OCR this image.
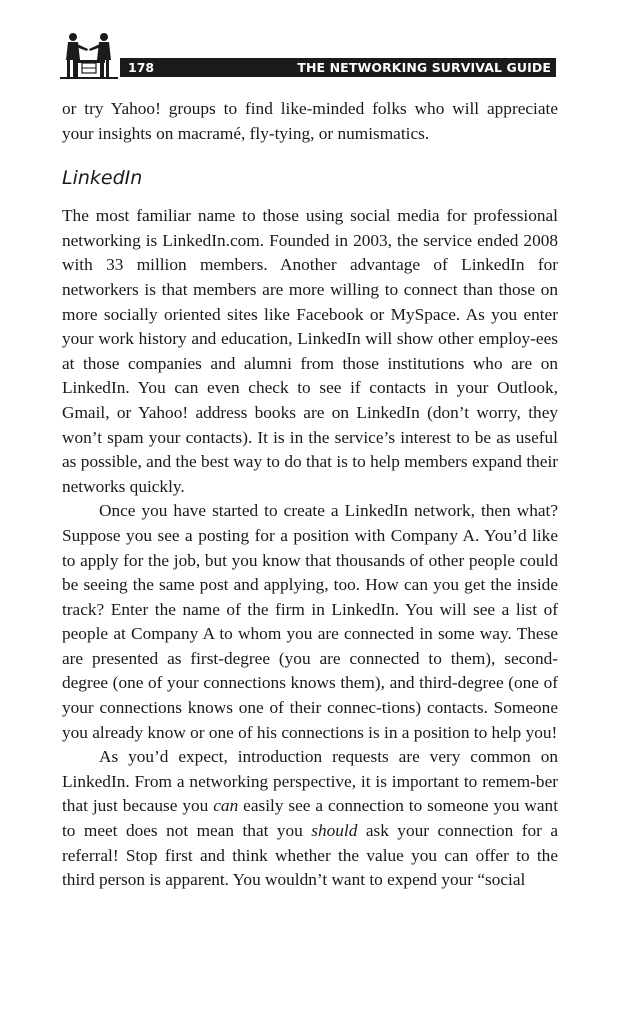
178	THE NETWORKING SURVIVAL GUIDE

or try Yahoo! groups to find like-minded folks who will appreciate your insights on macramé, fly-tying, or numismatics.

LinkedIn

The most familiar name to those using social media for professional networking is LinkedIn.com. Founded in 2003, the service ended 2008 with 33 million members. Another advantage of LinkedIn for networkers is that members are more willing to connect than those on more socially oriented sites like Facebook or MySpace. As you enter your work history and education, LinkedIn will show other employ-ees at those companies and alumni from those institutions who are on LinkedIn. You can even check to see if contacts in your Outlook, Gmail, or Yahoo! address books are on LinkedIn (don’t worry, they won’t spam your contacts). It is in the service’s interest to be as useful as possible, and the best way to do that is to help members expand their networks quickly.

Once you have started to create a LinkedIn network, then what? Suppose you see a posting for a position with Company A. You’d like to apply for the job, but you know that thousands of other people could be seeing the same post and applying, too. How can you get the inside track? Enter the name of the firm in LinkedIn. You will see a list of people at Company A to whom you are connected in some way. These are presented as first-degree (you are connected to them), second-degree (one of your connections knows them), and third-degree (one of your connections knows one of their connec-tions) contacts. Someone you already know or one of his connections is in a position to help you!

As you’d expect, introduction requests are very common on LinkedIn. From a networking perspective, it is important to remem-ber that just because you can easily see a connection to someone you want to meet does not mean that you should ask your connection for a referral! Stop first and think whether the value you can offer to the third person is apparent. You wouldn’t want to expend your “social
